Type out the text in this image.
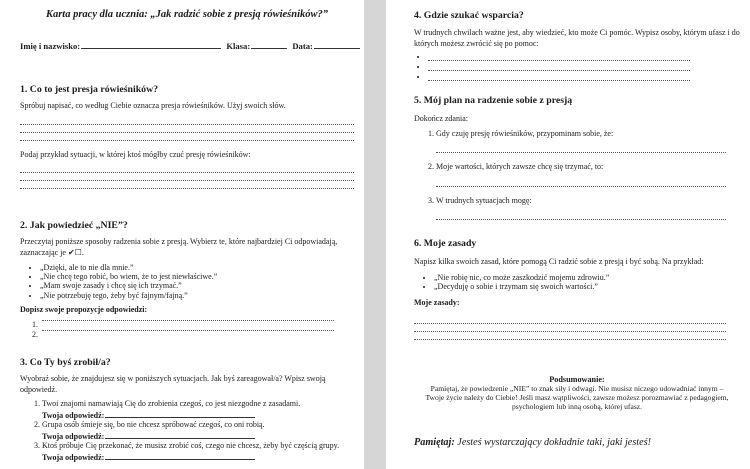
Karta pracy dla ucznia: „Jak radzić sobie z presją rówieśników?”
Imię i nazwisko:	Klasa:	Data:
1. Co to jest presja rówieśników?

Spróbuj napisać, co według Ciebie oznacza presja rówieśników. Użyj swoich słów.

Podaj przykład sytuacji, w której ktoś mógłby czuć presję rówieśników:

2. Jak powiedzieć „NIE”?

Przeczytaj poniższe sposoby radzenia sobie z presją. Wybierz te, które najbardziej Ci odpowiadają, zaznaczając je ✔☐.

• „Dzięki, ale to nie dla mnie.”
• „Nie chcę tego robić, bo wiem, że to jest niewłaściwe.”
• „Mam swoje zasady i chcę się ich trzymać.”
• „Nie potrzebuję tego, żeby być fajnym/fajną.”

Dopisz swoje propozycje odpowiedzi:

1.
2.
3. Co Ty byś zrobił/a?

Wyobraź sobie, że znajdujesz się w poniższych sytuacjach. Jak byś zareagował/a? Wpisz swoją odpowiedź.

1. Twoi znajomi namawiają Cię do zrobienia czegoś, co jest niezgodne z zasadami.
Twoja odpowiedź:
2. Grupa osób śmieje się, bo nie chcesz spróbować czegoś, co oni robią.
Twoja odpowiedź:
3. Ktoś próbuje Cię przekonać, że musisz zrobić coś, czego nie chcesz, żeby być częścią grupy.
Twoja odpowiedź:
4. Gdzie szukać wsparcia?

W trudnych chwilach ważne jest, aby wiedzieć, kto może Ci pomóc. Wypisz osoby, którym ufasz i do których możesz zwrócić się po pomoc:

•
•
•
5. Mój plan na radzenie sobie z presją

Dokończ zdania:

1. Gdy czuję presję rówieśników, przypominam sobie, że:
2. Moje wartości, których zawsze chcę się trzymać, to:
3. W trudnych sytuacjach mogę:
6. Moje zasady

Napisz kilka swoich zasad, które pomogą Ci radzić sobie z presją i być sobą. Na przykład:

• „Nie robię nic, co może zaszkodzić mojemu zdrowiu.”
• „Decyduję o sobie i trzymam się swoich wartości.”

Moje zasady:

Podsumowanie:
Pamiętaj, że powiedzenie „NIE” to znak siły i odwagi. Nie musisz niczego udowadniać innym – Twoje życie należy do Ciebie! Jeśli masz wątpliwości, zawsze możesz porozmawiać z pedagogiem, psychologiem lub inną osobą, której ufasz.
Pamiętaj: Jesteś wystarczający dokładnie taki, jaki jesteś!
